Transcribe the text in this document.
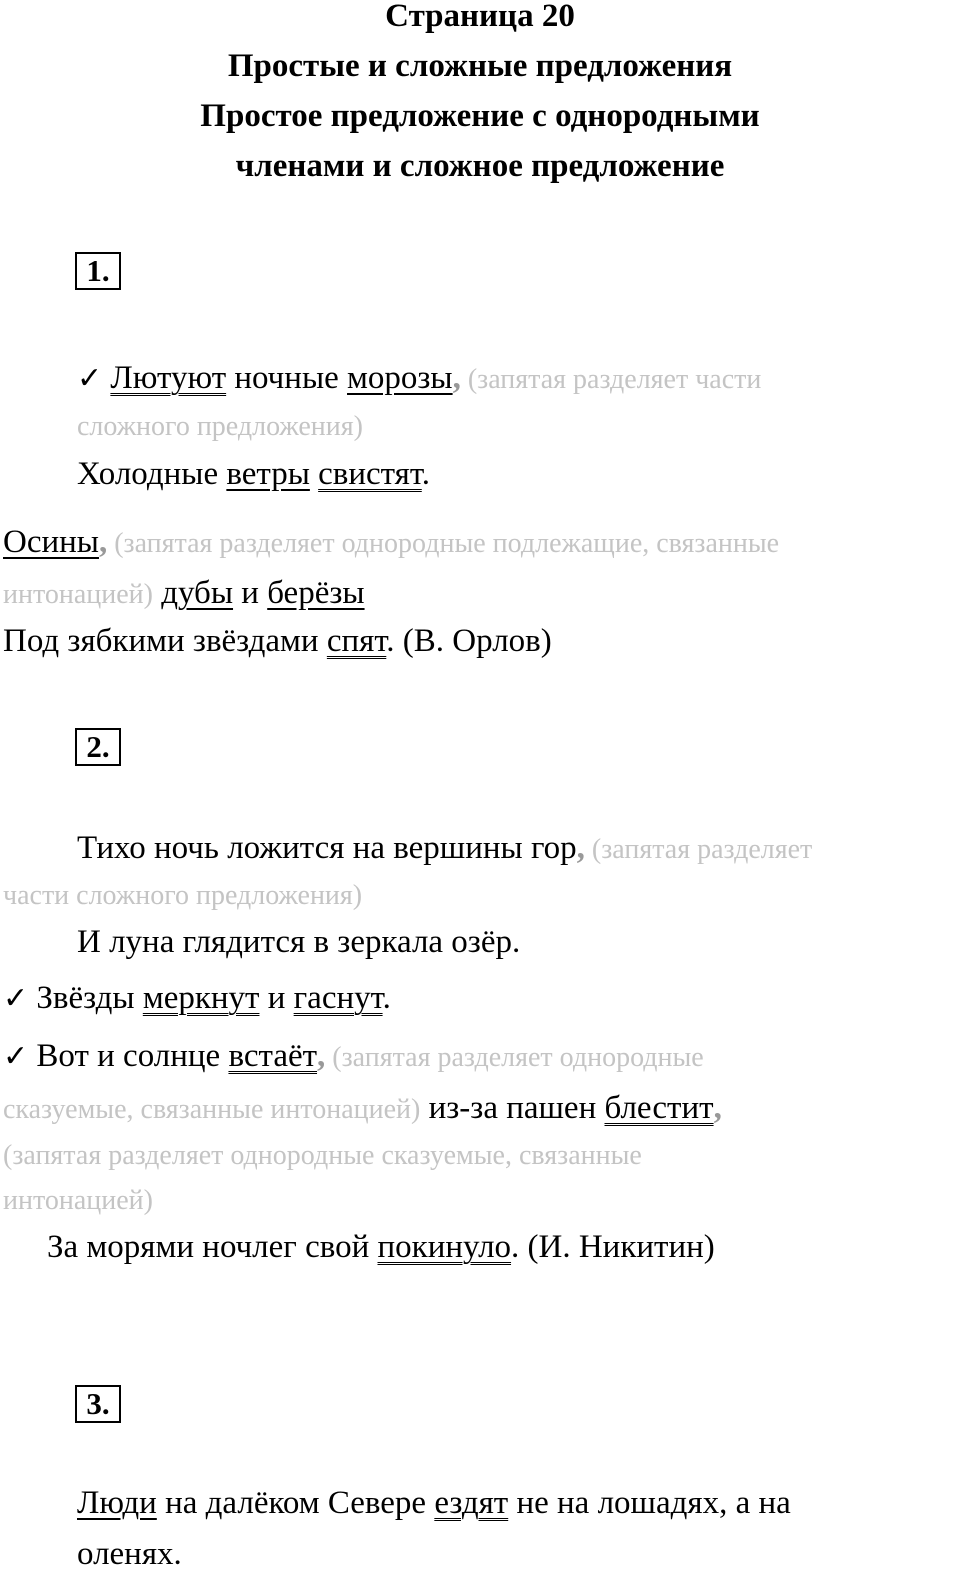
Страница 20
Простые и сложные предложения
Простое предложение с однородными
членами и сложное предложение
1.

✓ Лютуют ночные морозы, (запятая разделяет части

сложного предложения)

Холодные ветры свистят.

Осины, (запятая разделяет однородные подлежащие, связанные

интонацией) дубы и берёзы

Под зябкими звёздами спят. (В. Орлов)

2.

Тихо ночь ложится на вершины гор, (запятая разделяет

части сложного предложения)

И луна глядится в зеркала озёр.

✓ Звёзды меркнут и гаснут.

✓ Вот и солнце встаёт, (запятая разделяет однородные

сказуемые, связанные интонацией) из-за пашен блестит,

(запятая разделяет однородные сказуемые, связанные

интонацией)

За морями ночлег свой покинуло. (И. Никитин)

3.

Люди на далёком Севере ездят не на лошадях, а на

оленях.
